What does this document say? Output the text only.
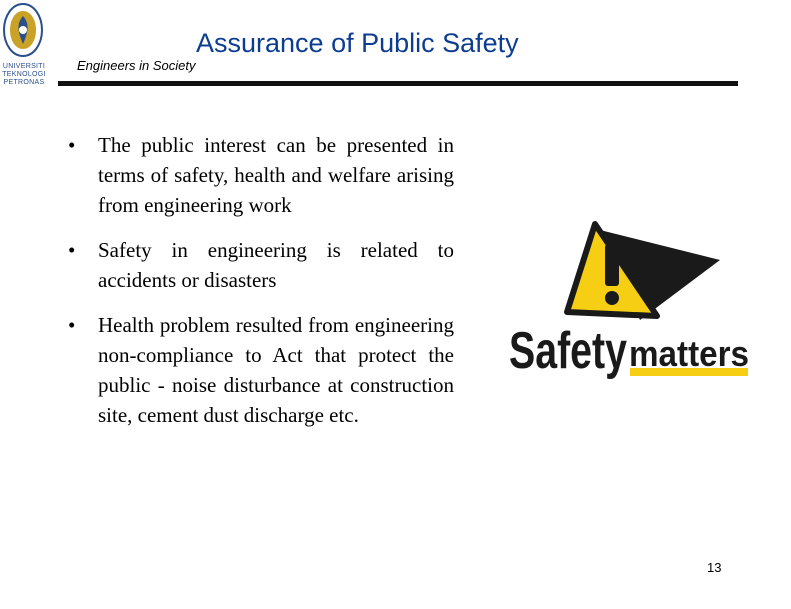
UNIVERSITI
TEKNOLOGI
PETRONAS
Assurance of Public Safety
Engineers in Society
• The public interest can be presented in terms of safety, health and welfare arising from engineering work
• Safety in engineering is related to accidents or disasters
• Health problem resulted from engineering non-compliance to Act that protect the public - noise disturbance at construction site, cement dust discharge etc.
Safety matters
13
